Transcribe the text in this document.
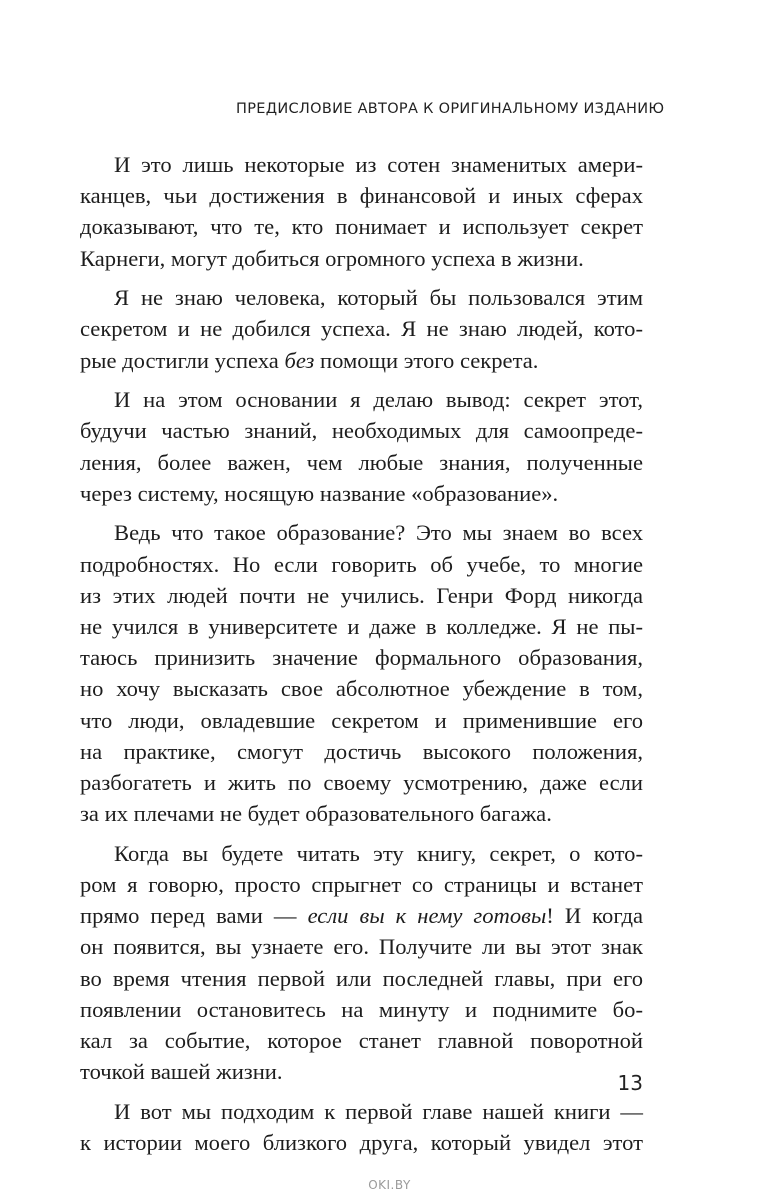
ПРЕДИСЛОВИЕ АВТОРА К ОРИГИНАЛЬНОМУ ИЗДАНИЮ
И это лишь некоторые из сотен знаменитых амери-
канцев, чьи достижения в финансовой и иных сферах
доказывают, что те, кто понимает и использует секрет
Карнеги, могут добиться огромного успеха в жизни.
Я не знаю человека, который бы пользовался этим
секретом и не добился успеха. Я не знаю людей, кото-
рые достигли успеха без помощи этого секрета.
И на этом основании я делаю вывод: секрет этот,
будучи частью знаний, необходимых для самоопреде-
ления, более важен, чем любые знания, полученные
через систему, носящую название «образование».
Ведь что такое образование? Это мы знаем во всех
подробностях. Но если говорить об учебе, то многие
из этих людей почти не учились. Генри Форд никогда
не учился в университете и даже в колледже. Я не пы-
таюсь принизить значение формального образования,
но хочу высказать свое абсолютное убеждение в том,
что люди, овладевшие секретом и применившие его
на практике, смогут достичь высокого положения,
разбогатеть и жить по своему усмотрению, даже если
за их плечами не будет образовательного багажа.
Когда вы будете читать эту книгу, секрет, о кото-
ром я говорю, просто спрыгнет со страницы и встанет
прямо перед вами — если вы к нему готовы! И когда
он появится, вы узнаете его. Получите ли вы этот знак
во время чтения первой или последней главы, при его
появлении остановитесь на минуту и поднимите бо-
кал за событие, которое станет главной поворотной
точкой вашей жизни.
И вот мы подходим к первой главе нашей книги —
к истории моего близкого друга, который увидел этот
13
OKI.BY
